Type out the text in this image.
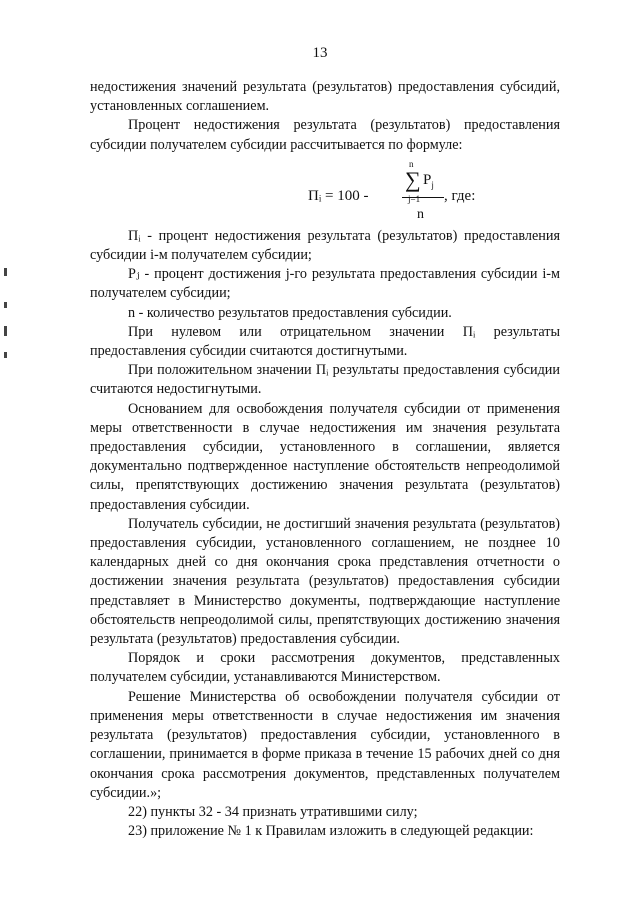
13

недостижения значений результата (результатов) предоставления субсидий, установленных соглашением.

Процент недостижения результата (результатов) предоставления субсидии получателем субсидии рассчитывается по формуле:

Пᵢ = 100 -
n
∑
j=1
$P_j$
n
, где:

Пᵢ - процент недостижения результата (результатов) предоставления субсидии i-м получателем субсидии;

Pⱼ - процент достижения j-го результата предоставления субсидии i-м получателем субсидии;

n - количество результатов предоставления субсидии.

При нулевом или отрицательном значении Пᵢ результаты предоставления субсидии считаются достигнутыми.

При положительном значении Пᵢ результаты предоставления субсидии считаются недостигнутыми.

Основанием для освобождения получателя субсидии от применения меры ответственности в случае недостижения им значения результата предоставления субсидии, установленного в соглашении, является документально подтвержденное наступление обстоятельств непреодолимой силы, препятствующих достижению значения результата (результатов) предоставления субсидии.

Получатель субсидии, не достигший значения результата (результатов) предоставления субсидии, установленного соглашением, не позднее 10 календарных дней со дня окончания срока представления отчетности о достижении значения результата (результатов) предоставления субсидии представляет в Министерство документы, подтверждающие наступление обстоятельств непреодолимой силы, препятствующих достижению значения результата (результатов) предоставления субсидии.

Порядок и сроки рассмотрения документов, представленных получателем субсидии, устанавливаются Министерством.

Решение Министерства об освобождении получателя субсидии от применения меры ответственности в случае недостижения им значения результата (результатов) предоставления субсидии, установленного в соглашении, принимается в форме приказа в течение 15 рабочих дней со дня окончания срока рассмотрения документов, представленных получателем субсидии.»;

22) пункты 32 - 34 признать утратившими силу;

23) приложение № 1 к Правилам изложить в следующей редакции:
